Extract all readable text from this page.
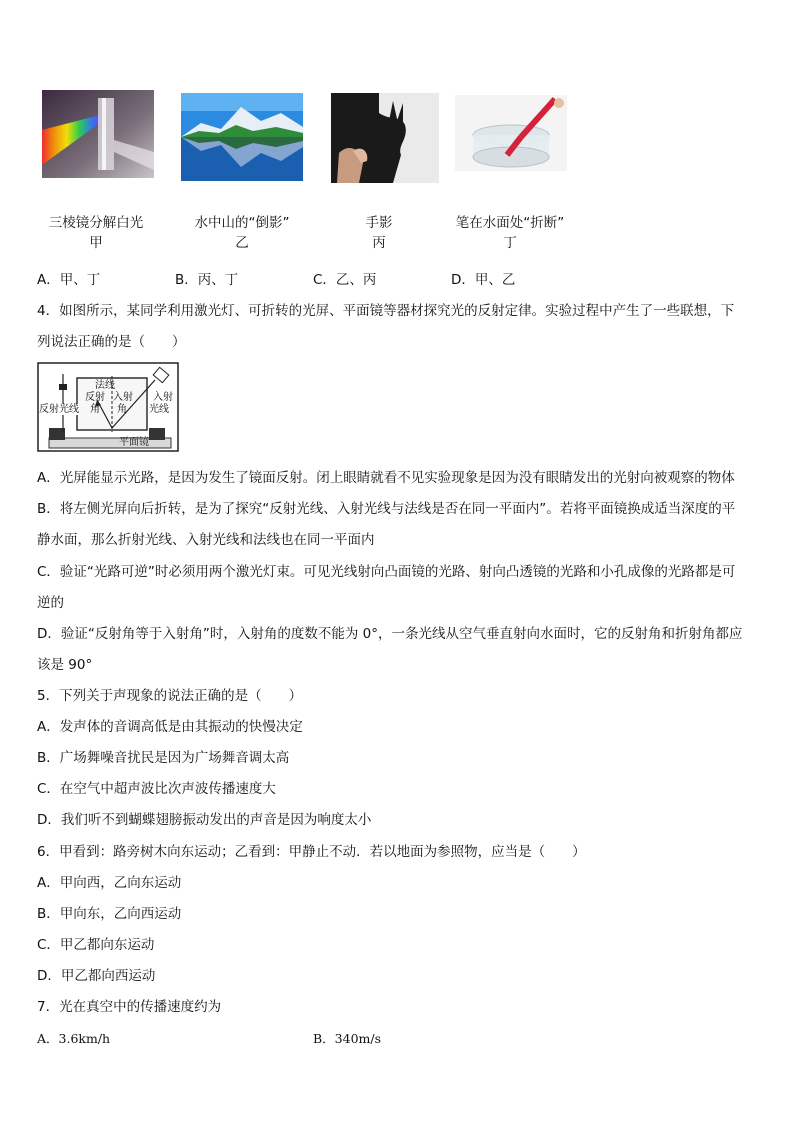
三棱镜分解白光
甲
水中山的“倒影”
乙
手影
丙
笔在水面处“折断”
丁
A．甲、丁	B．丙、丁	C．乙、丙	D．甲、乙
4．如图所示，某同学利用激光灯、可折转的光屏、平面镜等器材探究光的反射定律。实验过程中产生了一些联想，下
列说法正确的是（　　）
法线
反射
角
入射
角
反射光线
入射
光线
平面镜
A．光屏能显示光路，是因为发生了镜面反射。闭上眼睛就看不见实验现象是因为没有眼睛发出的光射向被观察的物体
B．将左侧光屏向后折转，是为了探究“反射光线、入射光线与法线是否在同一平面内”。若将平面镜换成适当深度的平
静水面，那么折射光线、入射光线和法线也在同一平面内
C．验证“光路可逆”时必须用两个激光灯束。可见光线射向凸面镜的光路、射向凸透镜的光路和小孔成像的光路都是可
逆的
D．验证“反射角等于入射角”时，入射角的度数不能为 0°，一条光线从空气垂直射向水面时，它的反射角和折射角都应
该是 90°
5．下列关于声现象的说法正确的是（　　）
A．发声体的音调高低是由其振动的快慢决定
B．广场舞噪音扰民是因为广场舞音调太高
C．在空气中超声波比次声波传播速度大
D．我们听不到蝴蝶翅膀振动发出的声音是因为响度太小
6．甲看到：路旁树木向东运动；乙看到：甲静止不动．若以地面为参照物，应当是（　　）
A．甲向西，乙向东运动
B．甲向东，乙向西运动
C．甲乙都向东运动
D．甲乙都向西运动
7．光在真空中的传播速度约为
A．3.6km/h	B．340m/s
